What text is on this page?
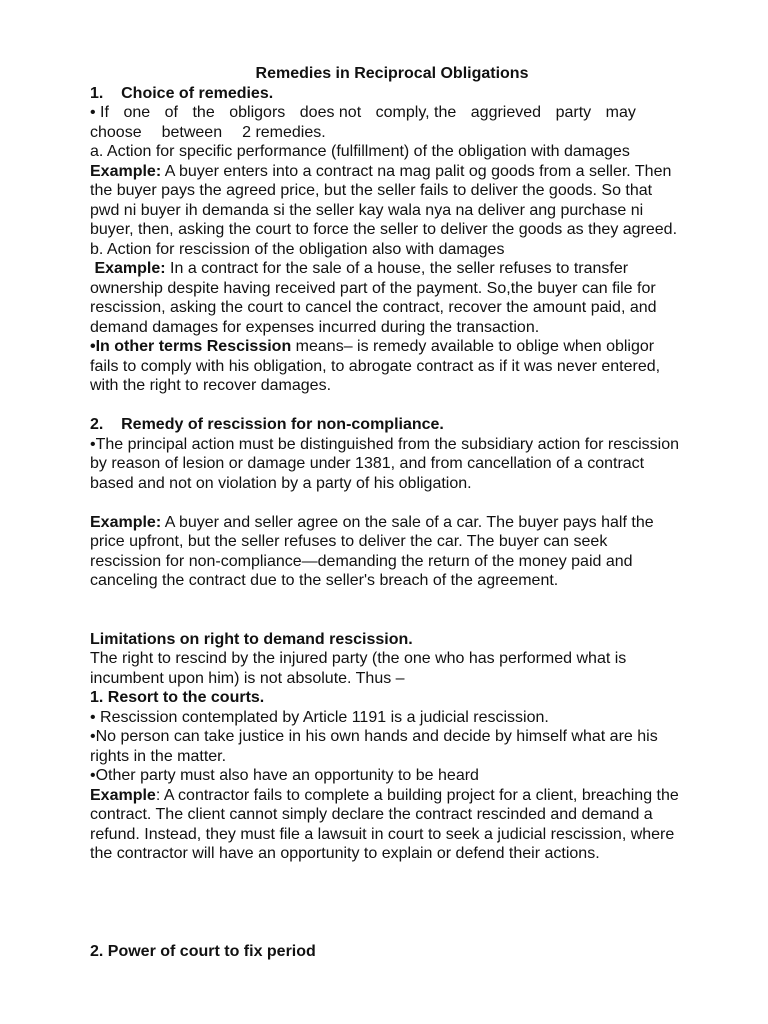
Remedies in Reciprocal Obligations
1.    Choice of remedies.
• If one of the obligors does not comply, the aggrieved party may
choose between 2 remedies.
a. Action for specific performance (fulfillment) of the obligation with damages
Example: A buyer enters into a contract na mag palit og goods from a seller. Then
the buyer pays the agreed price, but the seller fails to deliver the goods. So that
pwd ni buyer ih demanda si the seller kay wala nya na deliver ang purchase ni
buyer, then, asking the court to force the seller to deliver the goods as they agreed.
b. Action for rescission of the obligation also with damages
Example: In a contract for the sale of a house, the seller refuses to transfer
ownership despite having received part of the payment. So,the buyer can file for
rescission, asking the court to cancel the contract, recover the amount paid, and
demand damages for expenses incurred during the transaction.
•In other terms Rescission means– is remedy available to oblige when obligor
fails to comply with his obligation, to abrogate contract as if it was never entered,
with the right to recover damages.
2.    Remedy of rescission for non-compliance.
•The principal action must be distinguished from the subsidiary action for rescission
by reason of lesion or damage under 1381, and from cancellation of a contract
based and not on violation by a party of his obligation.
Example: A buyer and seller agree on the sale of a car. The buyer pays half the
price upfront, but the seller refuses to deliver the car. The buyer can seek
rescission for non-compliance—demanding the return of the money paid and
canceling the contract due to the seller's breach of the agreement.
Limitations on right to demand rescission.
The right to rescind by the injured party (the one who has performed what is
incumbent upon him) is not absolute. Thus –
1. Resort to the courts.
• Rescission contemplated by Article 1191 is a judicial rescission.
•No person can take justice in his own hands and decide by himself what are his
rights in the matter.
•Other party must also have an opportunity to be heard
Example: A contractor fails to complete a building project for a client, breaching the
contract. The client cannot simply declare the contract rescinded and demand a
refund. Instead, they must file a lawsuit in court to seek a judicial rescission, where
the contractor will have an opportunity to explain or defend their actions.
2. Power of court to fix period
